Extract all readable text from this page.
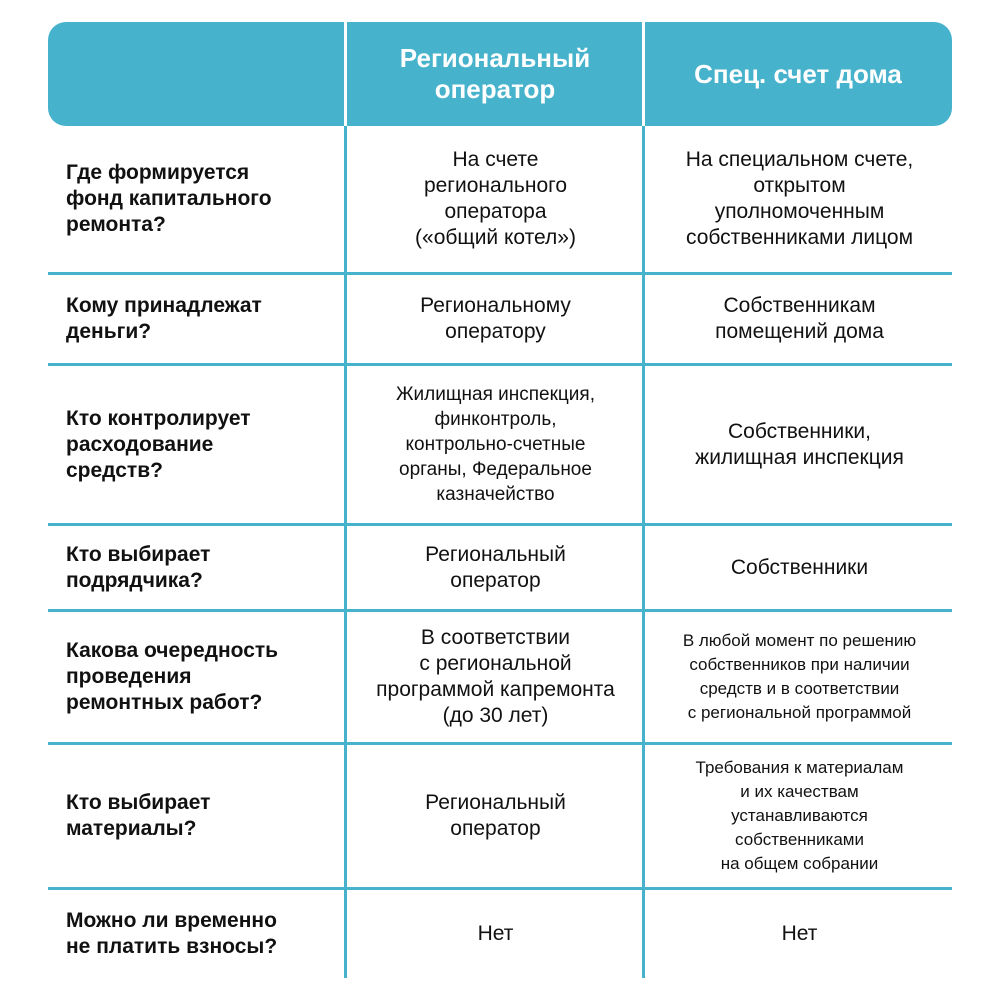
Региональный
оператор
Спец. счет дома
Где формируется
фонд капитального
ремонта?
На счете
регионального
оператора
(«общий котел»)
На специальном счете,
открытом
уполномоченным
собственниками лицом
Кому принадлежат
деньги?
Региональному
оператору
Собственникам
помещений дома
Кто контролирует
расходование
средств?
Жилищная инспекция,
финконтроль,
контрольно-счетные
органы, Федеральное
казначейство
Собственники,
жилищная инспекция
Кто выбирает
подрядчика?
Региональный
оператор
Собственники
Какова очередность
проведения
ремонтных работ?
В соответствии
с региональной
программой капремонта
(до 30 лет)
В любой момент по решению
собственников при наличии
средств и в соответствии
с региональной программой
Кто выбирает
материалы?
Региональный
оператор
Требования к материалам
и их качествам
устанавливаются
собственниками
на общем собрании
Можно ли временно
не платить взносы?
Нет	Нет
